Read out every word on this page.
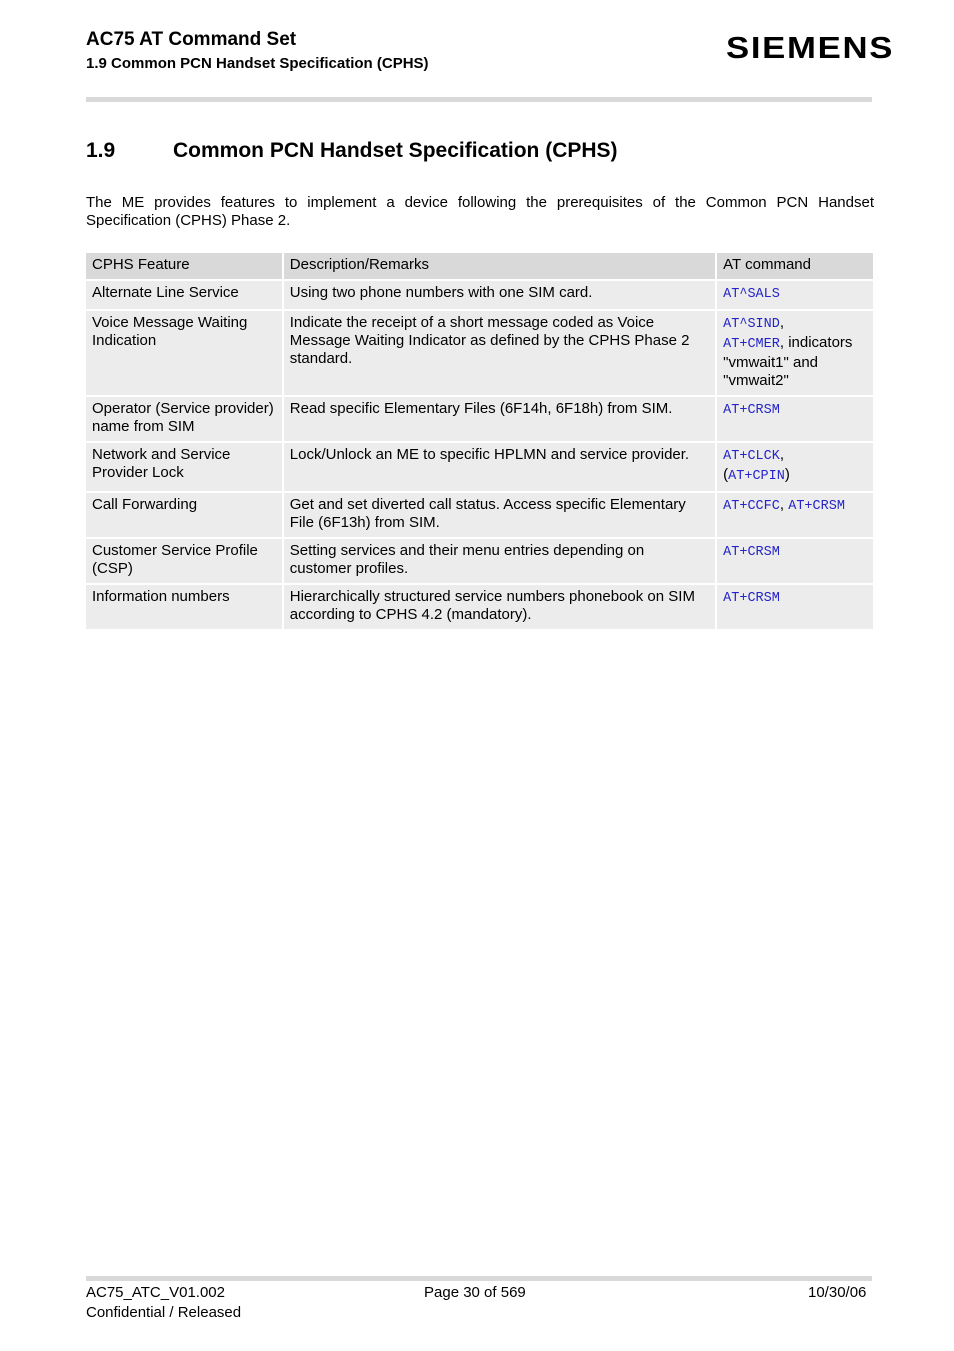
AC75 AT Command Set
1.9 Common PCN Handset Specification (CPHS)	SIEMENS
1.9	Common PCN Handset Specification (CPHS)
The ME provides features to implement a device following the prerequisites of the Common PCN Handset Specification (CPHS) Phase 2.
CPHS Feature	Description/Remarks	AT command
Alternate Line Service	Using two phone numbers with one SIM card.	AT^SALS
Voice Message Waiting Indication	Indicate the receipt of a short message coded as Voice Message Waiting Indicator as defined by the CPHS Phase 2 standard.	AT^SIND,
AT+CMER, indicators "vmwait1" and "vmwait2"
Operator (Service provider) name from SIM	Read specific Elementary Files (6F14h, 6F18h) from SIM.	AT+CRSM
Network and Service Provider Lock	Lock/Unlock an ME to specific HPLMN and service provider.	AT+CLCK,
(AT+CPIN)
Call Forwarding	Get and set diverted call status. Access specific Elementary File (6F13h) from SIM.	AT+CCFC, AT+CRSM
Customer Service Profile (CSP)	Setting services and their menu entries depending on customer profiles.	AT+CRSM
Information numbers	Hierarchically structured service numbers phonebook on SIM according to CPHS 4.2 (mandatory).	AT+CRSM
AC75_ATC_V01.002
Confidential / Released
Page 30 of 569	10/30/06
